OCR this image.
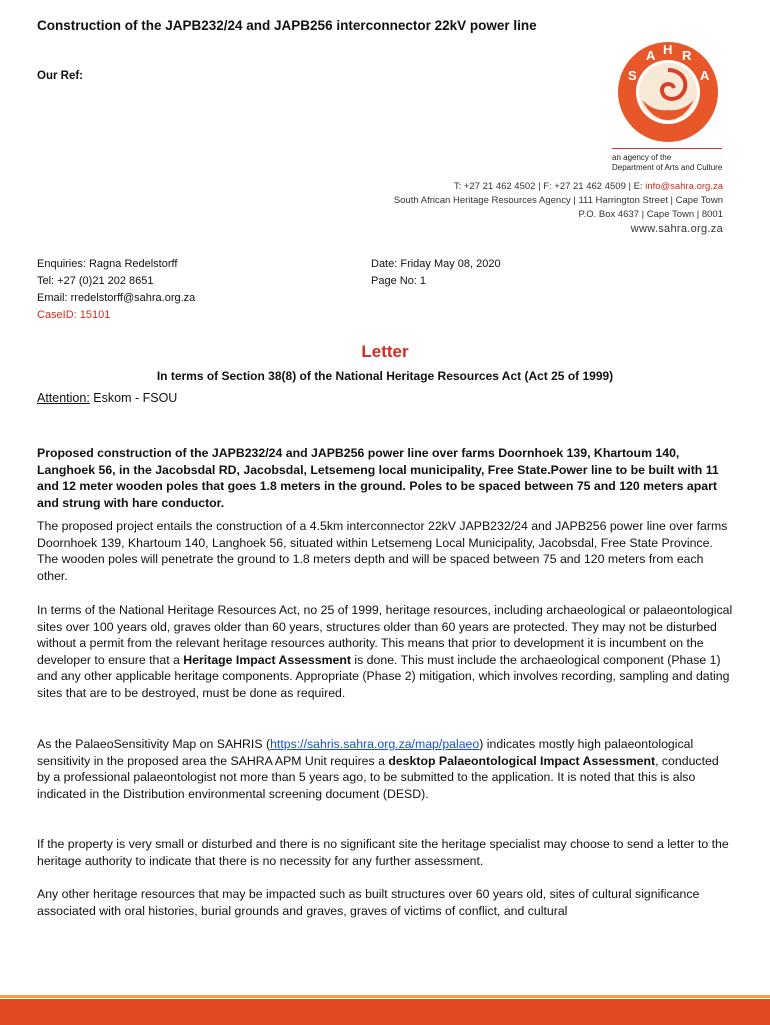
Construction of the JAPB232/24 and JAPB256 interconnector 22kV power line
Our Ref:	S
A H R
A
an agency of the
Department of Arts and Culture
T: +27 21 462 4502 | F: +27 21 462 4509 | E: info@sahra.org.za
South African Heritage Resources Agency | 111 Harrington Street | Cape Town
P.O. Box 4637 | Cape Town | 8001
www.sahra.org.za
Enquiries: Ragna Redelstorff
Tel: +27 (0)21 202 8651
Email: rredelstorff@sahra.org.za
CaseID: 15101
Date: Friday May 08, 2020
Page No: 1
Letter
In terms of Section 38(8) of the National Heritage Resources Act (Act 25 of 1999)
Attention: Eskom - FSOU
Proposed construction of the JAPB232/24 and JAPB256 power line over farms Doornhoek 139, Khartoum 140, Langhoek 56, in the Jacobsdal RD, Jacobsdal, Letsemeng local municipality, Free State.Power line to be built with 11 and 12 meter wooden poles that goes 1.8 meters in the ground. Poles to be spaced between 75 and 120 meters apart and strung with hare conductor.
The proposed project entails the construction of a 4.5km interconnector 22kV JAPB232/24 and JAPB256 power line over farms Doornhoek 139, Khartoum 140, Langhoek 56, situated within Letsemeng Local Municipality, Jacobsdal, Free State Province. The wooden poles will penetrate the ground to 1.8 meters depth and will be spaced between 75 and 120 meters from each other.
In terms of the National Heritage Resources Act, no 25 of 1999, heritage resources, including archaeological or palaeontological sites over 100 years old, graves older than 60 years, structures older than 60 years are protected. They may not be disturbed without a permit from the relevant heritage resources authority. This means that prior to development it is incumbent on the developer to ensure that a Heritage Impact Assessment is done. This must include the archaeological component (Phase 1) and any other applicable heritage components. Appropriate (Phase 2) mitigation, which involves recording, sampling and dating sites that are to be destroyed, must be done as required.
As the PalaeoSensitivity Map on SAHRIS (https://sahris.sahra.org.za/map/palaeo) indicates mostly high palaeontological sensitivity in the proposed area the SAHRA APM Unit requires a desktop Palaeontological Impact Assessment, conducted by a professional palaeontologist not more than 5 years ago, to be submitted to the application. It is noted that this is also indicated in the Distribution environmental screening document (DESD).
If the property is very small or disturbed and there is no significant site the heritage specialist may choose to send a letter to the heritage authority to indicate that there is no necessity for any further assessment.
Any other heritage resources that may be impacted such as built structures over 60 years old, sites of cultural significance associated with oral histories, burial grounds and graves, graves of victims of conflict, and cultural
